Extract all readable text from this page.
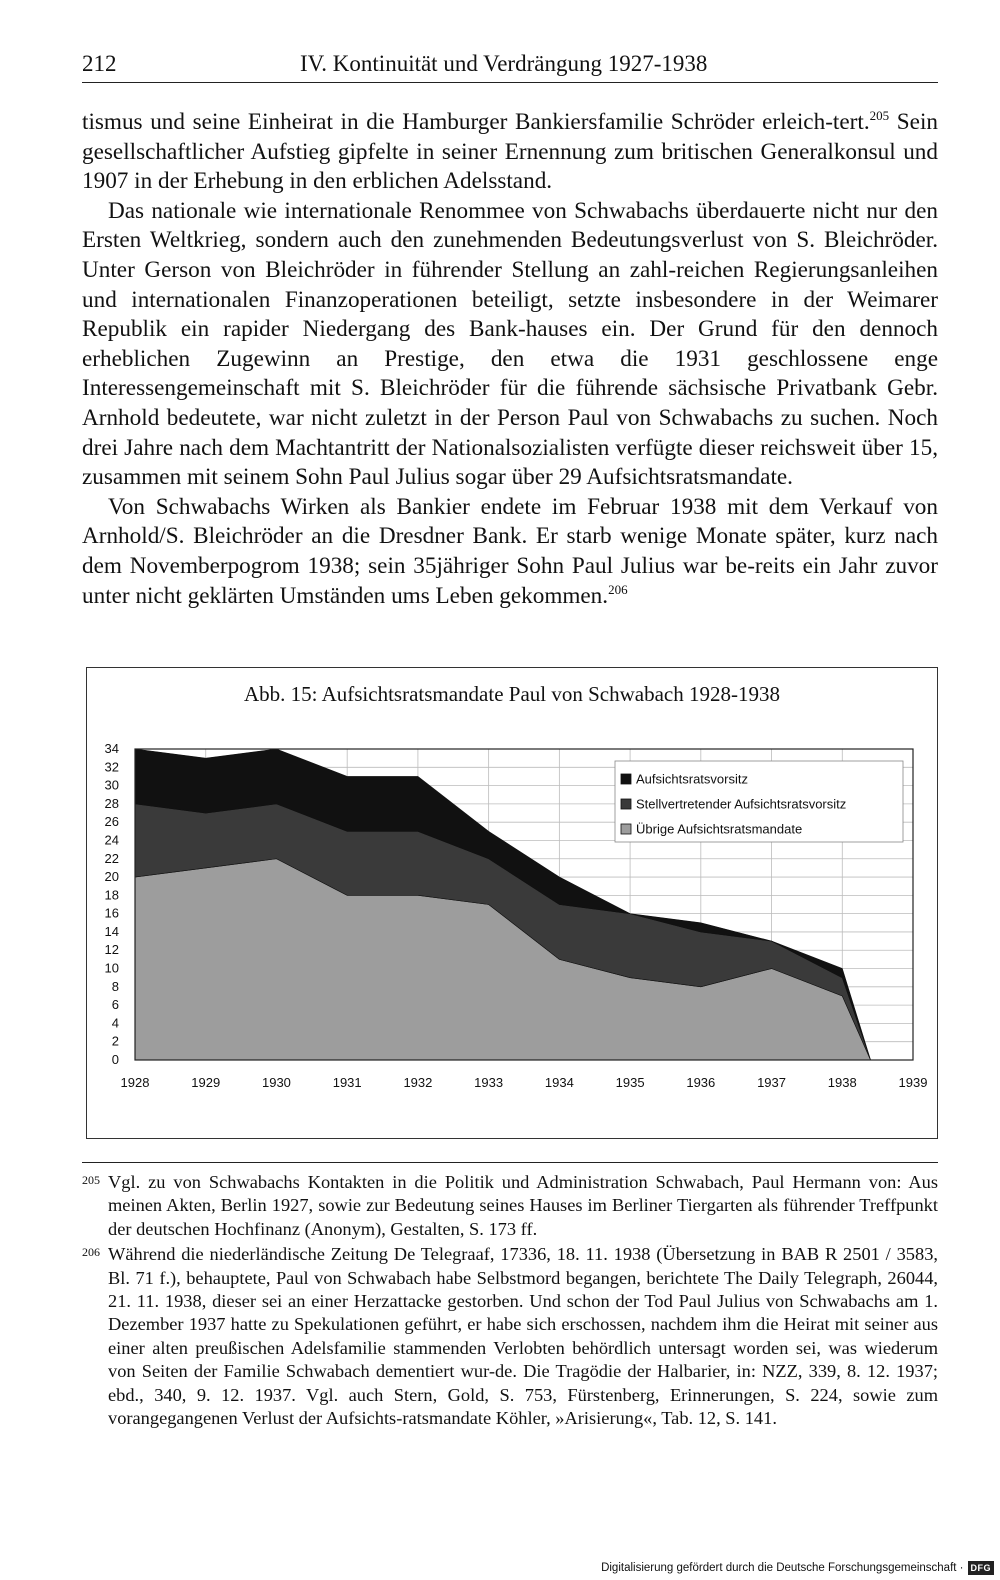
212	IV. Kontinuität und Verdrängung 1927-1938

tismus und seine Einheirat in die Hamburger Bankiersfamilie Schröder erleich-tert.$^{205}$ Sein gesellschaftlicher Aufstieg gipfelte in seiner Ernennung zum britischen Generalkonsul und 1907 in der Erhebung in den erblichen Adelsstand.

Das nationale wie internationale Renommee von Schwabachs überdauerte nicht nur den Ersten Weltkrieg, sondern auch den zunehmenden Bedeutungsverlust von S. Bleichröder. Unter Gerson von Bleichröder in führender Stellung an zahl-reichen Regierungsanleihen und internationalen Finanzoperationen beteiligt, setzte insbesondere in der Weimarer Republik ein rapider Niedergang des Bank-hauses ein. Der Grund für den dennoch erheblichen Zugewinn an Prestige, den etwa die 1931 geschlossene enge Interessengemeinschaft mit S. Bleichröder für die führende sächsische Privatbank Gebr. Arnhold bedeutete, war nicht zuletzt in der Person Paul von Schwabachs zu suchen. Noch drei Jahre nach dem Machtantritt der Nationalsozialisten verfügte dieser reichsweit über 15, zusammen mit seinem Sohn Paul Julius sogar über 29 Aufsichtsratsmandate.

Von Schwabachs Wirken als Bankier endete im Februar 1938 mit dem Verkauf von Arnhold/S. Bleichröder an die Dresdner Bank. Er starb wenige Monate später, kurz nach dem Novemberpogrom 1938; sein 35jähriger Sohn Paul Julius war be-reits ein Jahr zuvor unter nicht geklärten Umständen ums Leben gekommen.$^{206}$

Abb. 15: Aufsichtsratsmandate Paul von Schwabach 1928-1938
0
2
4
6
8
10
12
14
16
18
20
22
24
26
28
30
32
34
1928	1929	1930	1931	1932	1933	1934	1935	1936	1937	1938	1939
Aufsichtsratsvorsitz
Stellvertretender Aufsichtsratsvorsitz
Übrige Aufsichtsratsmandate
205 Vgl. zu von Schwabachs Kontakten in die Politik und Administration Schwabach, Paul Hermann von: Aus meinen Akten, Berlin 1927, sowie zur Bedeutung seines Hauses im Berliner Tiergarten als führender Treffpunkt der deutschen Hochfinanz (Anonym), Gestalten, S. 173 ff.
206 Während die niederländische Zeitung De Telegraaf, 17336, 18. 11. 1938 (Übersetzung in BAB R 2501 / 3583, Bl. 71 f.), behauptete, Paul von Schwabach habe Selbstmord begangen, berichtete The Daily Telegraph, 26044, 21. 11. 1938, dieser sei an einer Herzattacke gestorben. Und schon der Tod Paul Julius von Schwabachs am 1. Dezember 1937 hatte zu Spekulationen geführt, er habe sich erschossen, nachdem ihm die Heirat mit seiner aus einer alten preußischen Adelsfamilie stammenden Verlobten behördlich untersagt worden sei, was wiederum von Seiten der Familie Schwabach dementiert wur-de. Die Tragödie der Halbarier, in: NZZ, 339, 8. 12. 1937; ebd., 340, 9. 12. 1937. Vgl. auch Stern, Gold, S. 753, Fürstenberg, Erinnerungen, S. 224, sowie zum vorangegangenen Verlust der Aufsichts-ratsmandate Köhler, »Arisierung«, Tab. 12, S. 141.
Digitalisierung gefördert durch die Deutsche Forschungsgemeinschaft · DFG
